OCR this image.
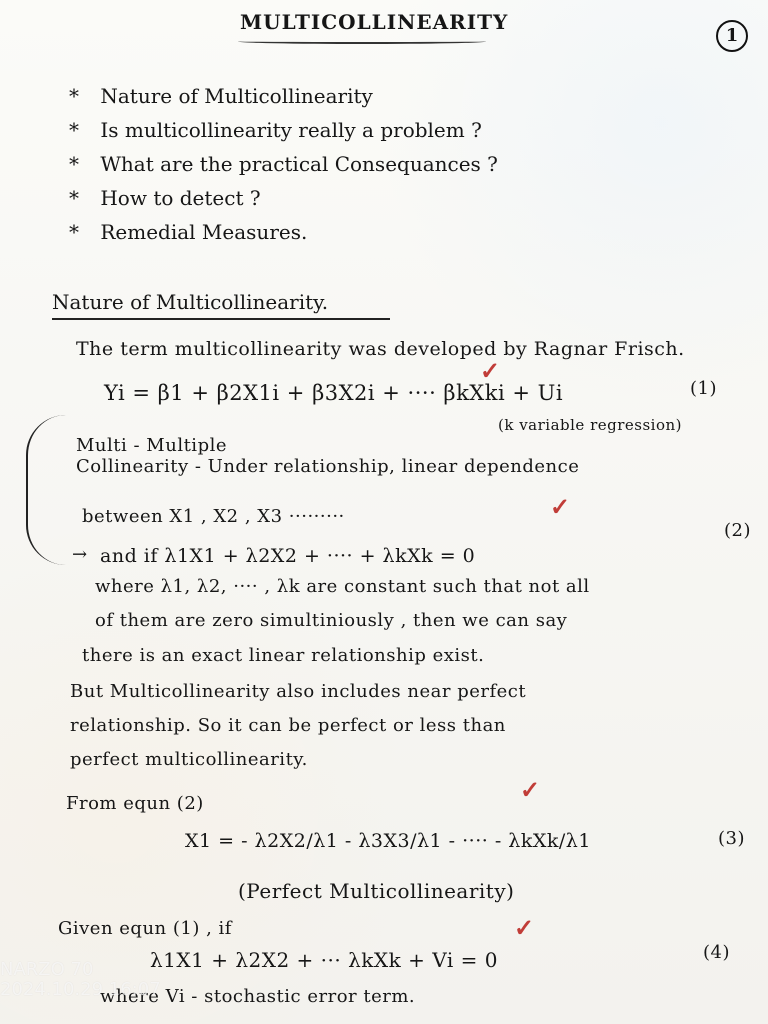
MULTICOLLINEARITY
1
* Nature of Multicollinearity
* Is multicollinearity really a problem ?
* What are the practical Consequances ?
* How to detect ?
* Remedial Measures.
Nature of Multicollinearity.
The term multicollinearity was developed by Ragnar Frisch.
✓
Yi = β1 + β2X1i + β3X2i + ···· βkXki + Ui	(1)
(k variable regression)
→
Multi - Multiple
Collinearity - Under relationship, linear dependence
between X1 , X2 , X3 ·········	✓
and if λ1X1 + λ2X2 + ···· + λkXk = 0
(2)
where λ1, λ2, ···· , λk are constant such that not all
of them are zero simultiniously , then we can say
there is an exact linear relationship exist.
But Multicollinearity also includes near perfect
relationship. So it can be perfect or less than
perfect multicollinearity.
From equn (2)	✓
X1 = - λ2X2/λ1 - λ3X3/λ1 - ···· - λkXk/λ1	(3)
(Perfect Multicollinearity)
Given equn (1) , if	✓
λ1X1 + λ2X2 + ··· λkXk + Vi = 0	(4)
where Vi - stochastic error term.
NARZO 70
2024.10.29 16:07
